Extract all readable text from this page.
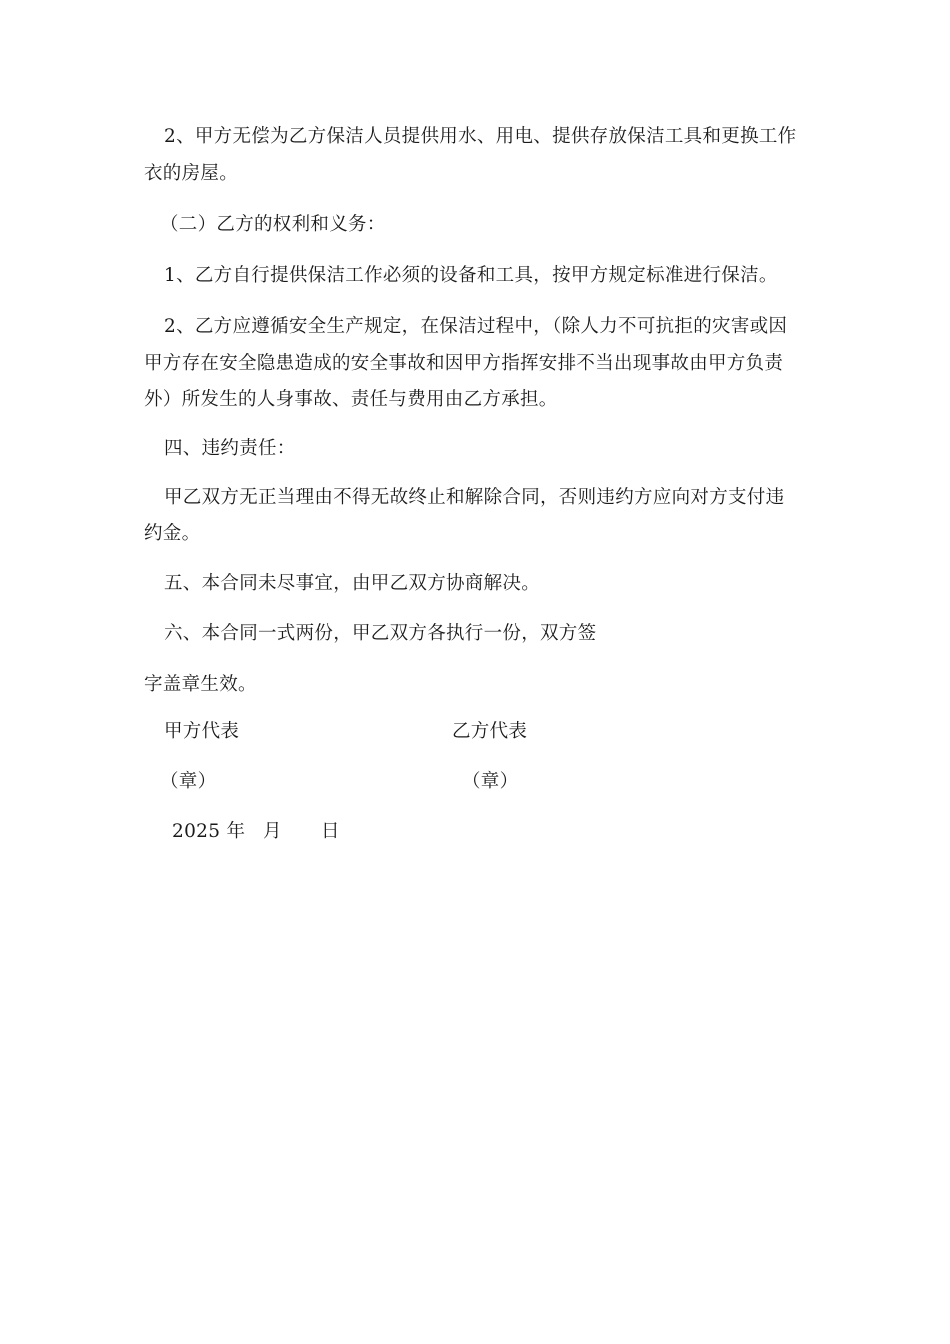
2、甲方无偿为乙方保洁人员提供用水、用电、提供存放保洁工具和更换工作
衣的房屋。
（二）乙方的权利和义务：
1、乙方自行提供保洁工作必须的设备和工具，按甲方规定标准进行保洁。
2、乙方应遵循安全生产规定，在保洁过程中，（除人力不可抗拒的灾害或因
甲方存在安全隐患造成的安全事故和因甲方指挥安排不当出现事故由甲方负责
外）所发生的人身事故、责任与费用由乙方承担。
四、违约责任：
甲乙双方无正当理由不得无故终止和解除合同，否则违约方应向对方支付违
约金。
五、本合同未尽事宜，由甲乙双方协商解决。
六、本合同一式两份，甲乙双方各执行一份，双方签
字盖章生效。
甲方代表	乙方代表
（章）	（章）
2025 年 月 日
